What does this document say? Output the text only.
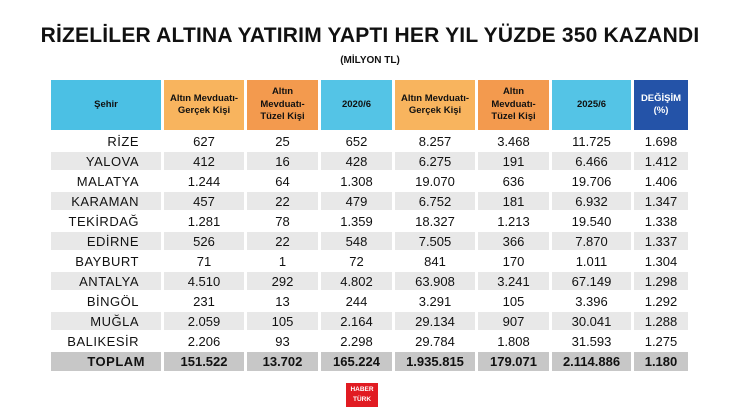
RİZELİLER ALTINA YATIRIM YAPTI HER YIL YÜZDE 350 KAZANDI
(MİLYON TL)
Şehir	Altın Mevduatı- Gerçek Kişi	Altın Mevduatı- Tüzel Kişi	2020/6	Altın Mevduatı- Gerçek Kişi	Altın Mevduatı- Tüzel Kişi	2025/6	DEĞİŞİM (%)
RİZE	627	25	652	8.257	3.468	11.725	1.698
YALOVA	412	16	428	6.275	191	6.466	1.412
MALATYA	1.244	64	1.308	19.070	636	19.706	1.406
KARAMAN	457	22	479	6.752	181	6.932	1.347
TEKİRDAĞ	1.281	78	1.359	18.327	1.213	19.540	1.338
EDİRNE	526	22	548	7.505	366	7.870	1.337
BAYBURT	71	1	72	841	170	1.011	1.304
ANTALYA	4.510	292	4.802	63.908	3.241	67.149	1.298
BİNGÖL	231	13	244	3.291	105	3.396	1.292
MUĞLA	2.059	105	2.164	29.134	907	30.041	1.288
BALIKESİR	2.206	93	2.298	29.784	1.808	31.593	1.275
TOPLAM	151.522	13.702	165.224	1.935.815	179.071	2.114.886	1.180
HABER
TÜRK
